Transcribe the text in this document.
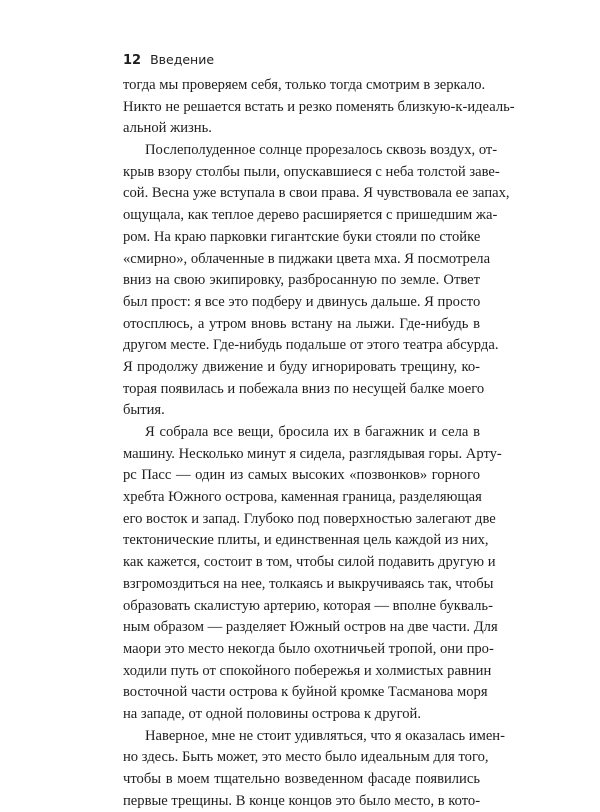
12 Введение
тогда мы проверяем себя, только тогда смотрим в зеркало.
Никто не решается встать и резко поменять близкую-к-идеаль-
альной жизнь.
Послеполуденное солнце прорезалось сквозь воздух, от-
крыв взору столбы пыли, опускавшиеся с неба толстой заве-
сой. Весна уже вступала в свои права. Я чувствовала ее запах,
ощущала, как теплое дерево расширяется с пришедшим жа-
ром. На краю парковки гигантские буки стояли по стойке
«смирно», облаченные в пиджаки цвета мха. Я посмотрела
вниз на свою экипировку, разбросанную по земле. Ответ
был прост: я все это подберу и двинусь дальше. Я просто
отосплюсь, а утром вновь встану на лыжи. Где-нибудь в
другом месте. Где-нибудь подальше от этого театра абсурда.
Я продолжу движение и буду игнорировать трещину, ко-
торая появилась и побежала вниз по несущей балке моего
бытия.
Я собрала все вещи, бросила их в багажник и села в
машину. Несколько минут я сидела, разглядывая горы. Арту-
рс Пасс — один из самых высоких «позвонков» горного
хребта Южного острова, каменная граница, разделяющая
его восток и запад. Глубоко под поверхностью залегают две
тектонические плиты, и единственная цель каждой из них,
как кажется, состоит в том, чтобы силой подавить другую и
взгромоздиться на нее, толкаясь и выкручиваясь так, чтобы
образовать скалистую артерию, которая — вполне букваль-
ным образом — разделяет Южный остров на две части. Для
маори это место некогда было охотничьей тропой, они про-
ходили путь от спокойного побережья и холмистых равнин
восточной части острова к буйной кромке Тасманова моря
на западе, от одной половины острова к другой.
Наверное, мне не стоит удивляться, что я оказалась имен-
но здесь. Быть может, это место было идеальным для того,
чтобы в моем тщательно возведенном фасаде появились
первые трещины. В конце концов это было место, в кото-
